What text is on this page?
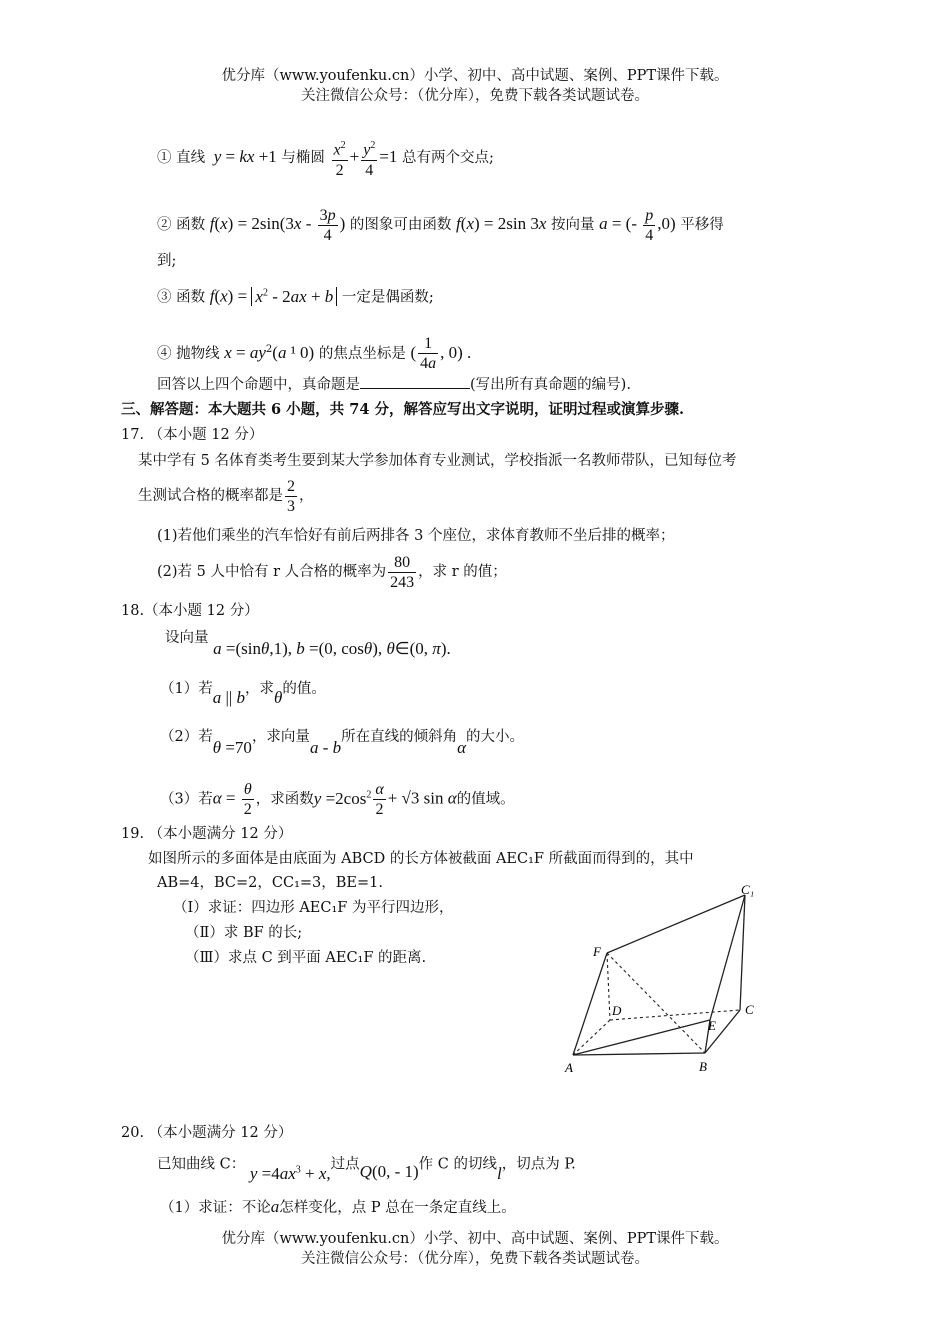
优分库（www.youfenku.cn）小学、初中、高中试题、案例、PPT课件下载。
关注微信公众号：（优分库），免费下载各类试题试卷。
① 直线 y = kx +1 与椭圆 $\frac{x^2}{2} + \frac{y^2}{4} =1$ 总有两个交点;
② 函数 $f(x) = 2\sin(3x - \frac{3p}{4}$ ) 的图象可由函数 f(x) = 2sin 3x 按向量 a = (- $\frac{p}{4} ,0$) 平移得
到;
③ 函数 $f(x) = x^2 - 2ax + b$ 一定是偶函数;
④ 抛物线 $x = ay^2(a$ ¹ 0) 的焦点坐标是 ( $\frac{1}{4a}$ , 0) .
回答以上四个命题中，真命题是	(写出所有真命题的编号).
三、解答题：本大题共 6 小题，共 74 分，解答应写出文字说明，证明过程或演算步骤.
17. （本小题 12 分）
某中学有 5 名体育类考生要到某大学参加体育专业测试，学校指派一名教师带队，已知每位考
生测试合格的概率都是 $\frac{2}{3}$ ，
(1)若他们乘坐的汽车恰好有前后两排各 3 个座位，求体育教师不坐后排的概率；
(2)若 5 人中恰有 r 人合格的概率为 $\frac{80}{243}$ ，求 r 的值；
18.（本小题 12 分）
设向量 a =(sinθ,1), b =(0, cosθ), θ∈(0, π).
（1）若a || b，求θ的值。
（2）若θ =70，求向量a - b所在直线的倾斜角α的大小。
（3）若$\alpha = \frac{\theta}{2}$ ，求函数$y =2\cos^2 \frac{\alpha}{2} + √3$ sin α的值域。
19. （本小题满分 12 分）
如图所示的多面体是由底面为 ABCD 的长方体被截面 AEC₁F 所截面而得到的，其中
AB=4，BC=2，CC₁=3，BE=1.
（Ⅰ）求证：四边形 AEC₁F 为平行四边形，
（Ⅱ）求 BF 的长;
（Ⅲ）求点 C 到平面 AEC₁F 的距离.
A	B
C
C₁
D
E
F
20. （本小题满分 12 分）
已知曲线 C： $y =4ax^3 + x$,过点Q(0, - 1)作 C 的切线l，切点为 P.
（1）求证：不论a怎样变化，点 P 总在一条定直线上。
优分库（www.youfenku.cn）小学、初中、高中试题、案例、PPT课件下载。
关注微信公众号：（优分库），免费下载各类试题试卷。
